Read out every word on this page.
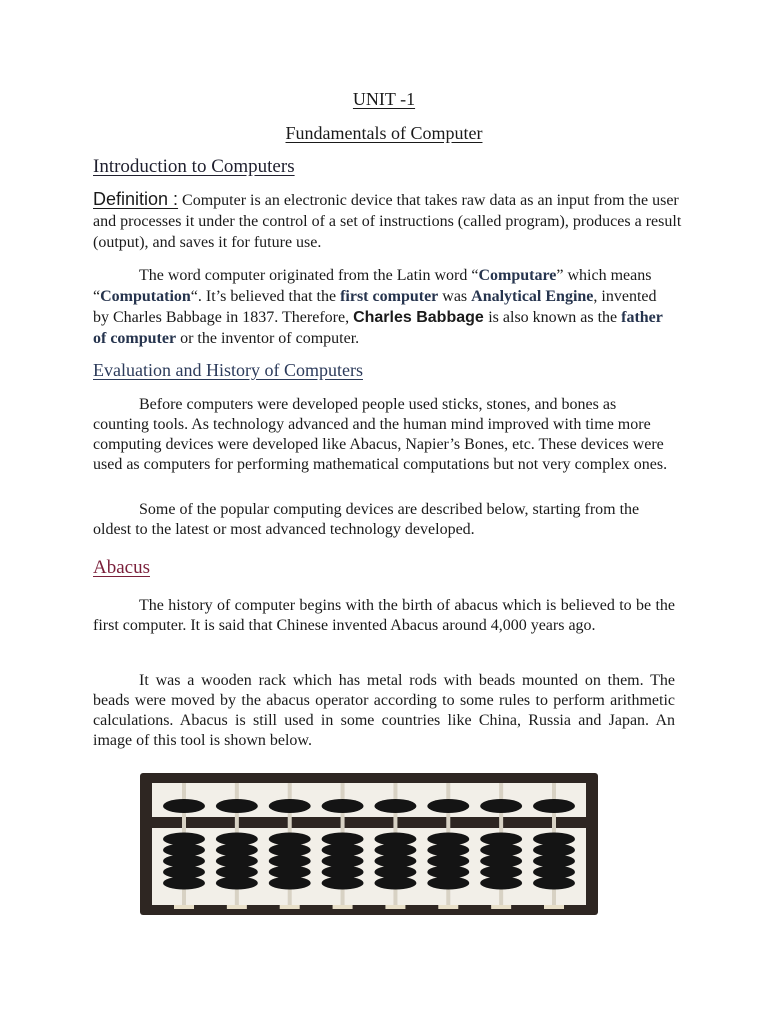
UNIT -1
Fundamentals of Computer
Introduction to Computers

Definition : Computer is an electronic device that takes raw data as an input from the user and processes it under the control of a set of instructions (called program), produces a result (output), and saves it for future use.

The word computer originated from the Latin word “Computare” which means “Computation“. It’s believed that the first computer was Analytical Engine, invented by Charles Babbage in 1837. Therefore, Charles Babbage is also known as the father of computer or the inventor of computer.

Evaluation and History of Computers

Before computers were developed people used sticks, stones, and bones as counting tools. As technology advanced and the human mind improved with time more computing devices were developed like Abacus, Napier’s Bones, etc. These devices were used as computers for performing mathematical computations but not very complex ones.

Some of the popular computing devices are described below, starting from the oldest to the latest or most advanced technology developed.

Abacus

The history of computer begins with the birth of abacus which is believed to be the first computer. It is said that Chinese invented Abacus around 4,000 years ago.

It was a wooden rack which has metal rods with beads mounted on them. The beads were moved by the abacus operator according to some rules to perform arithmetic calculations. Abacus is still used in some countries like China, Russia and Japan. An image of this tool is shown below.
